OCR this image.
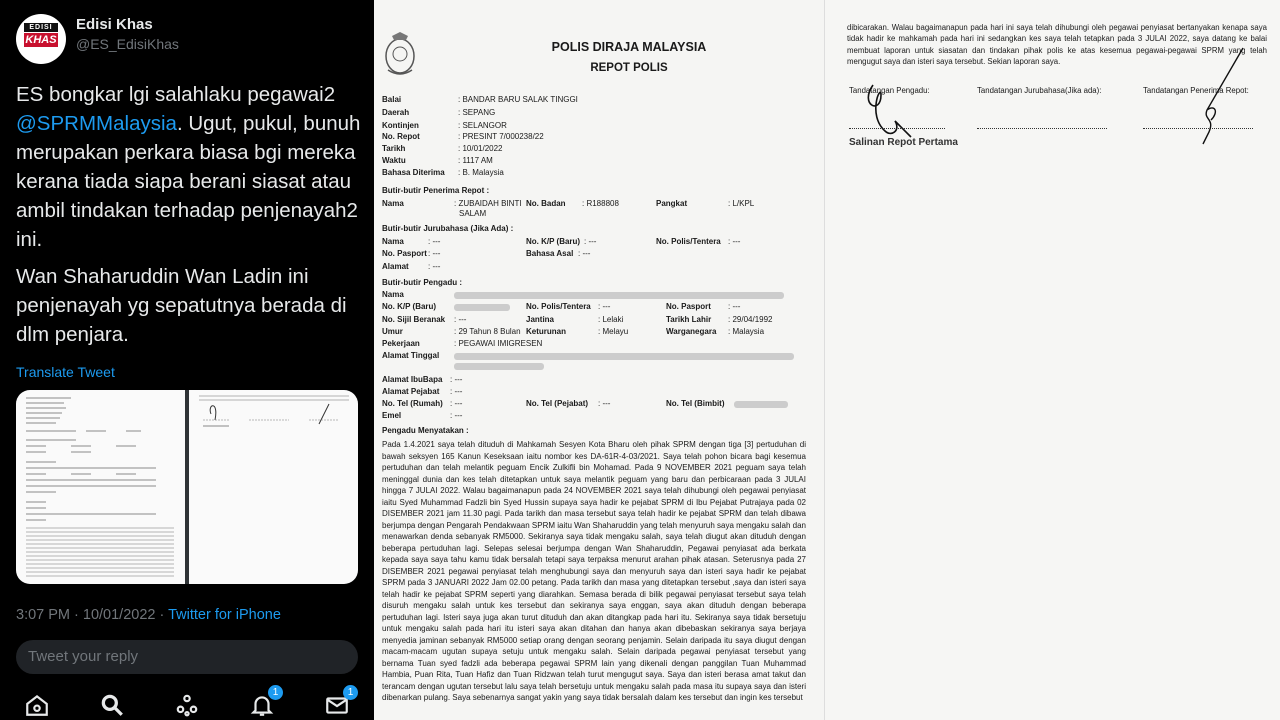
EDISI
KHAS
Edisi Khas
@ES_EdisiKhas

ES bongkar lgi salahlaku pegawai2 @SPRMMalaysia. Ugut, pukul, bunuh merupakan perkara biasa bgi mereka kerana tiada siapa berani siasat atau ambil tindakan terhadap penjenayah2 ini.

Wan Shaharuddin Wan Ladin ini penjenayah yg sepatutnya berada di dlm penjara.

Translate Tweet
3:07 PM · 10/01/2022 · Twitter for iPhone
Tweet your reply
1	1
POLIS DIRAJA MALAYSIA
REPOT POLIS
Balai	: BANDAR BARU SALAK TINGGI
Daerah	: SEPANG
Kontinjen	: SELANGOR
No. Repot	: PRESINT 7/000238/22
Tarikh	: 10/01/2022
Waktu	: 1117 AM
Bahasa Diterima : B. Malaysia
Butir-butir Penerima Repot :
Nama	: ZUBAIDAH BINTI
SALAM
No. Badan : R188808	Pangkat	: L/KPL
Butir-butir Jurubahasa (Jika Ada) :
Nama	: ---	No. K/P (Baru) : ---	No. Polis/Tentera : ---
No. Pasport : ---	Bahasa Asal : ---
Alamat : ---
Butir-butir Pengadu :
Nama
No. K/P (Baru)	No. Polis/Tentera : ---	No. Pasport : ---
No. Sijil Beranak : ---	Jantina	: Lelaki	Tarikh Lahir : 29/04/1992
Umur	: 29 Tahun 8 Bulan Keturunan	: Melayu	Warganegara : Malaysia
Pekerjaan	: PEGAWAI IMIGRESEN
Alamat Tinggal
Alamat IbuBapa : ---
Alamat Pejabat : ---
No. Tel (Rumah) : ---	No. Tel (Pejabat) : ---	No. Tel (Bimbit)
Emel	: ---
Pengadu Menyatakan :
Pada 1.4.2021 saya telah dituduh di Mahkamah Sesyen Kota Bharu oleh pihak SPRM dengan tiga [3] pertuduhan di bawah seksyen 165 Kanun Keseksaan iaitu nombor kes DA-61R-4-03/2021. Saya telah pohon bicara bagi kesemua pertuduhan dan telah melantik peguam Encik Zulkifli bin Mohamad. Pada 9 NOVEMBER 2021 peguam saya telah meninggal dunia dan kes telah ditetapkan untuk saya melantik peguam yang baru dan perbicaraan pada 3 JULAI hingga 7 JULAI 2022. Walau bagaimanapun pada 24 NOVEMBER 2021 saya telah dihubungi oleh pegawai penyiasat iaitu Syed Muhammad Fadzli bin Syed Hussin supaya saya hadir ke pejabat SPRM di Ibu Pejabat Putrajaya pada 02 DISEMBER 2021 jam 11.30 pagi. Pada tarikh dan masa tersebut saya telah hadir ke pejabat SPRM dan telah dibawa berjumpa dengan Pengarah Pendakwaan SPRM iaitu Wan Shaharuddin yang telah menyuruh saya mengaku salah dan menawarkan denda sebanyak RM5000. Sekiranya saya tidak mengaku salah, saya telah diugut akan dituduh dengan beberapa pertuduhan lagi. Selepas selesai berjumpa dengan Wan Shaharuddin, Pegawai penyiasat ada berkata kepada saya saya tahu kamu tidak bersalah tetapi saya terpaksa menurut arahan pihak atasan. Seterusnya pada 27 DISEMBER 2021 pegawai penyiasat telah menghubungi saya dan menyuruh saya dan isteri saya hadir ke pejabat SPRM pada 3 JANUARI 2022 Jam 02.00 petang. Pada tarikh dan masa yang ditetapkan tersebut ,saya dan isteri saya telah hadir ke pejabat SPRM seperti yang diarahkan. Semasa berada di bilik pegawai penyiasat tersebut saya telah disuruh mengaku salah untuk kes tersebut dan sekiranya saya enggan, saya akan dituduh dengan beberapa pertuduhan lagi. Isteri saya juga akan turut dituduh dan akan ditangkap pada hari itu. Sekiranya saya tidak bersetuju untuk mengaku salah pada hari itu isteri saya akan ditahan dan hanya akan dibebaskan sekiranya saya berjaya menyedia jaminan sebanyak RM5000 setiap orang dengan seorang penjamin. Selain daripada itu saya diugut dengan macam-macam ugutan supaya setuju untuk mengaku salah. Selain daripada pegawai penyiasat tersebut yang bernama Tuan syed fadzli ada beberapa pegawai SPRM lain yang dikenali dengan panggilan Tuan Muhammad Hambia, Puan Rita, Tuan Hafiz dan Tuan Ridzwan telah turut mengugut saya. Saya dan isteri berasa amat takut dan terancam dengan ugutan tersebut lalu saya telah bersetuju untuk mengaku salah pada masa itu supaya saya dan isteri dibenarkan pulang. Saya sebenarnya sangat yakin yang saya tidak bersalah dalam kes tersebut dan ingin kes tersebut
dibicarakan. Walau bagaimanapun pada hari ini saya telah dihubungi oleh pegawai penyiasat bertanyakan kenapa saya tidak hadir ke mahkamah pada hari ini sedangkan kes saya telah tetapkan pada 3 JULAI 2022, saya datang ke balai membuat laporan untuk siasatan dan tindakan pihak polis ke atas kesemua pegawai-pegawai SPRM yang telah mengugut saya dan isteri saya tersebut. Sekian laporan saya.
Tandatangan Pengadu:	Tandatangan Jurubahasa(Jika ada):	Tandatangan Penerima Repot:
Salinan Repot Pertama
